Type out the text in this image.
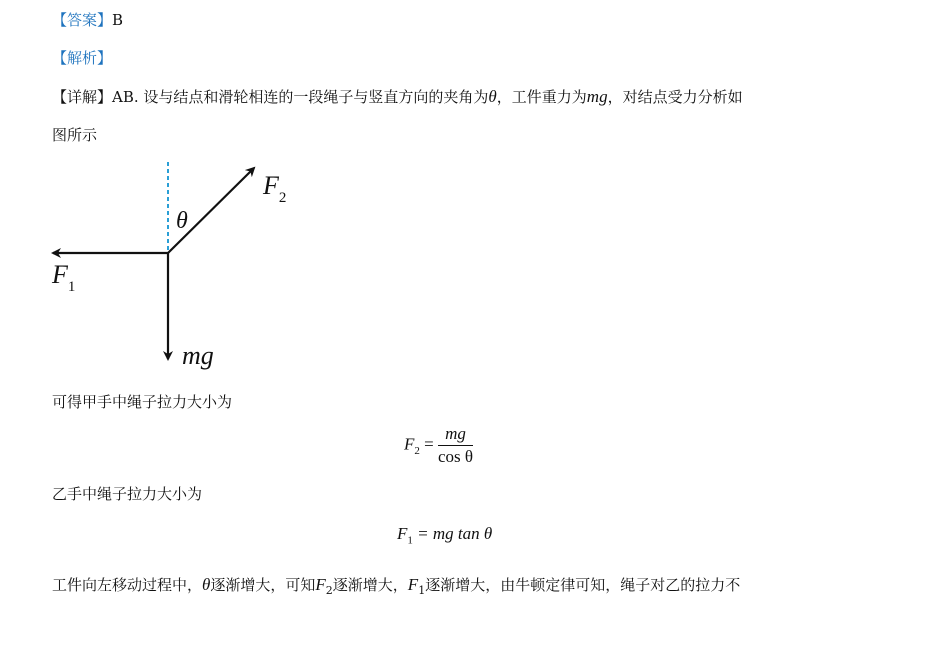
【答案】B
【解析】
【详解】AB. 设与结点和滑轮相连的一段绳子与竖直方向的夹角为θ，工件重力为mg，对结点受力分析如
图所示
$F_2$
θ
$F_1$
mg
可得甲手中绳子拉力大小为
$F_2 = \frac{mg}{\text{cos θ}}$
乙手中绳子拉力大小为
$F_1$ = mg tan θ
工件向左移动过程中，θ逐渐增大，可知$F_2$逐渐增大，$F_1$逐渐增大，由牛顿定律可知，绳子对乙的拉力不
